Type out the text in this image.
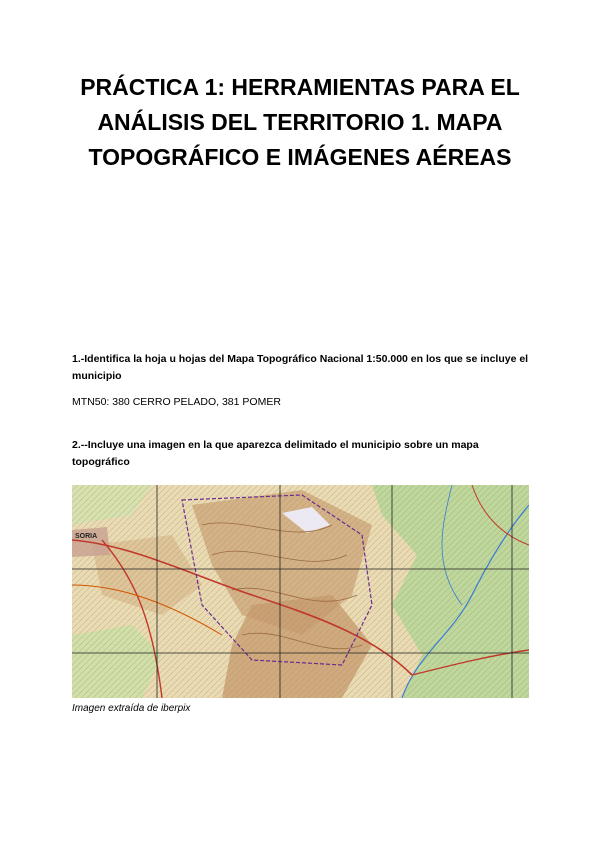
PRÁCTICA 1: HERRAMIENTAS PARA EL ANÁLISIS DEL TERRITORIO 1. MAPA TOPOGRÁFICO E IMÁGENES AÉREAS

1.-Identifica la hoja u hojas del Mapa Topográfico Nacional 1:50.000 en los que se incluye el municipio

MTN50: 380 CERRO PELADO, 381 POMER

2.--Incluye una imagen en la que aparezca delimitado el municipio sobre un mapa topográfico

SORIA

Imagen extraída de iberpix
